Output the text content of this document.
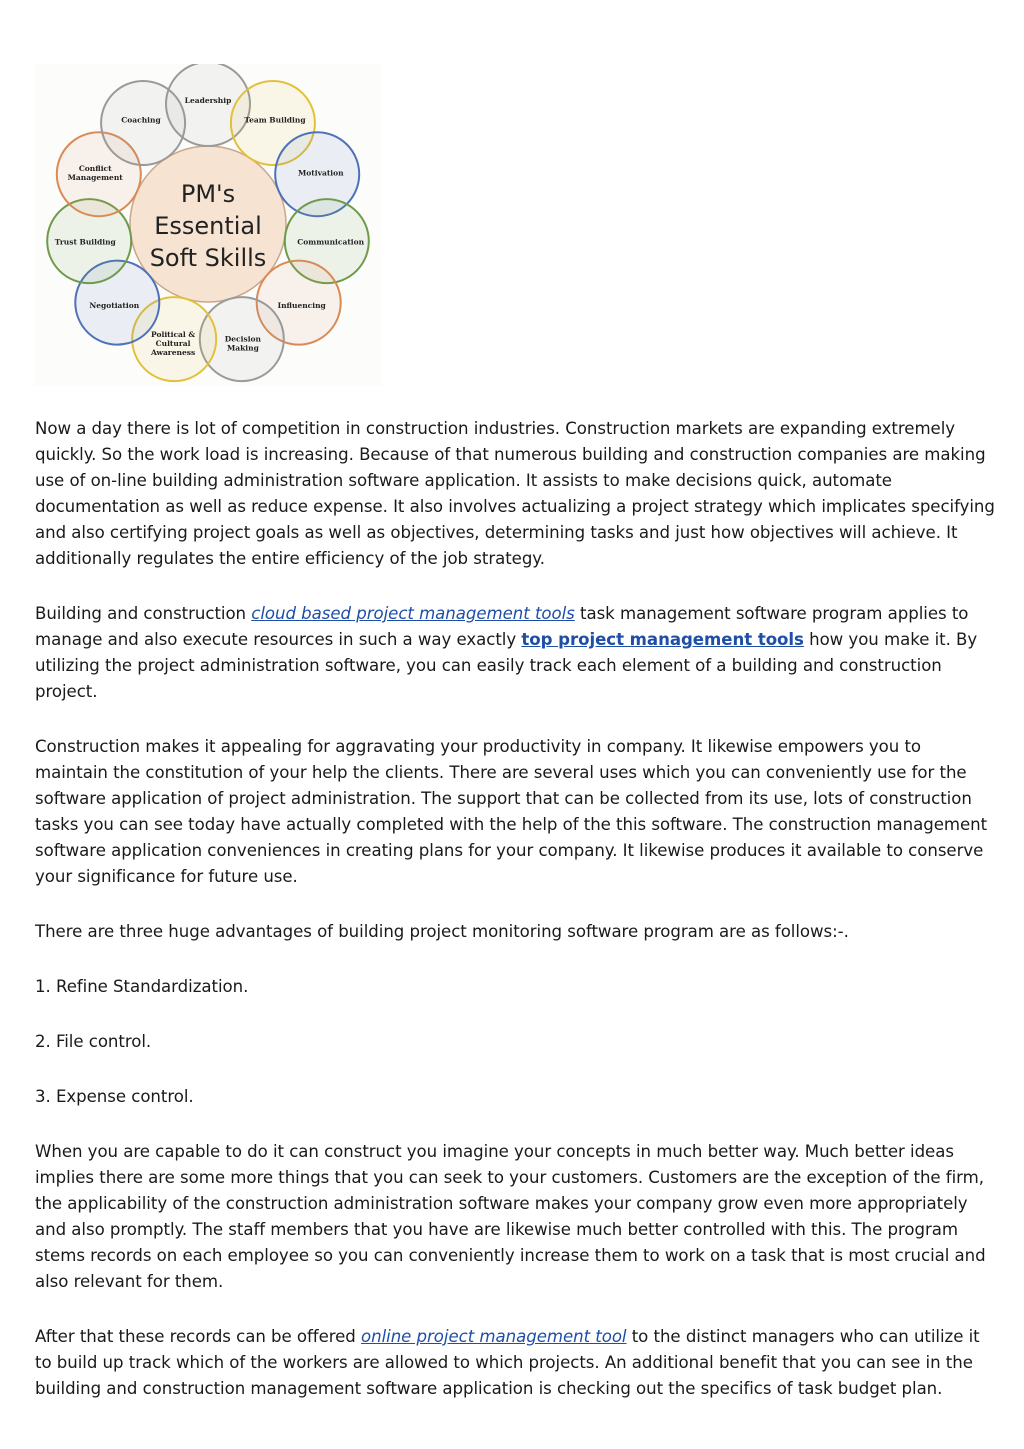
Leadership
Team Building
Motivation
Communication
Influencing
Decision
Making
Political &
Cultural
Awareness
Negotiation
Trust Building
Conflict
Management
Coaching
PM's
Essential
Soft Skills

Now a day there is lot of competition in construction industries. Construction markets are expanding extremely quickly. So the work load is increasing. Because of that numerous building and construction companies are making use of on-line building administration software application. It assists to make decisions quick, automate documentation as well as reduce expense. It also involves actualizing a project strategy which implicates specifying and also certifying project goals as well as objectives, determining tasks and just how objectives will achieve. It additionally regulates the entire efficiency of the job strategy.

Building and construction cloud based project management tools task management software program applies to manage and also execute resources in such a way exactly top project management tools how you make it. By utilizing the project administration software, you can easily track each element of a building and construction project.

Construction makes it appealing for aggravating your productivity in company. It likewise empowers you to maintain the constitution of your help the clients. There are several uses which you can conveniently use for the software application of project administration. The support that can be collected from its use, lots of construction tasks you can see today have actually completed with the help of the this software. The construction management software application conveniences in creating plans for your company. It likewise produces it available to conserve your significance for future use.

There are three huge advantages of building project monitoring software program are as follows:-.

1. Refine Standardization.

2. File control.

3. Expense control.

When you are capable to do it can construct you imagine your concepts in much better way. Much better ideas implies there are some more things that you can seek to your customers. Customers are the exception of the firm, the applicability of the construction administration software makes your company grow even more appropriately and also promptly. The staff members that you have are likewise much better controlled with this. The program stems records on each employee so you can conveniently increase them to work on a task that is most crucial and also relevant for them.

After that these records can be offered online project management tool to the distinct managers who can utilize it to build up track which of the workers are allowed to which projects. An additional benefit that you can see in the building and construction management software application is checking out the specifics of task budget plan.
